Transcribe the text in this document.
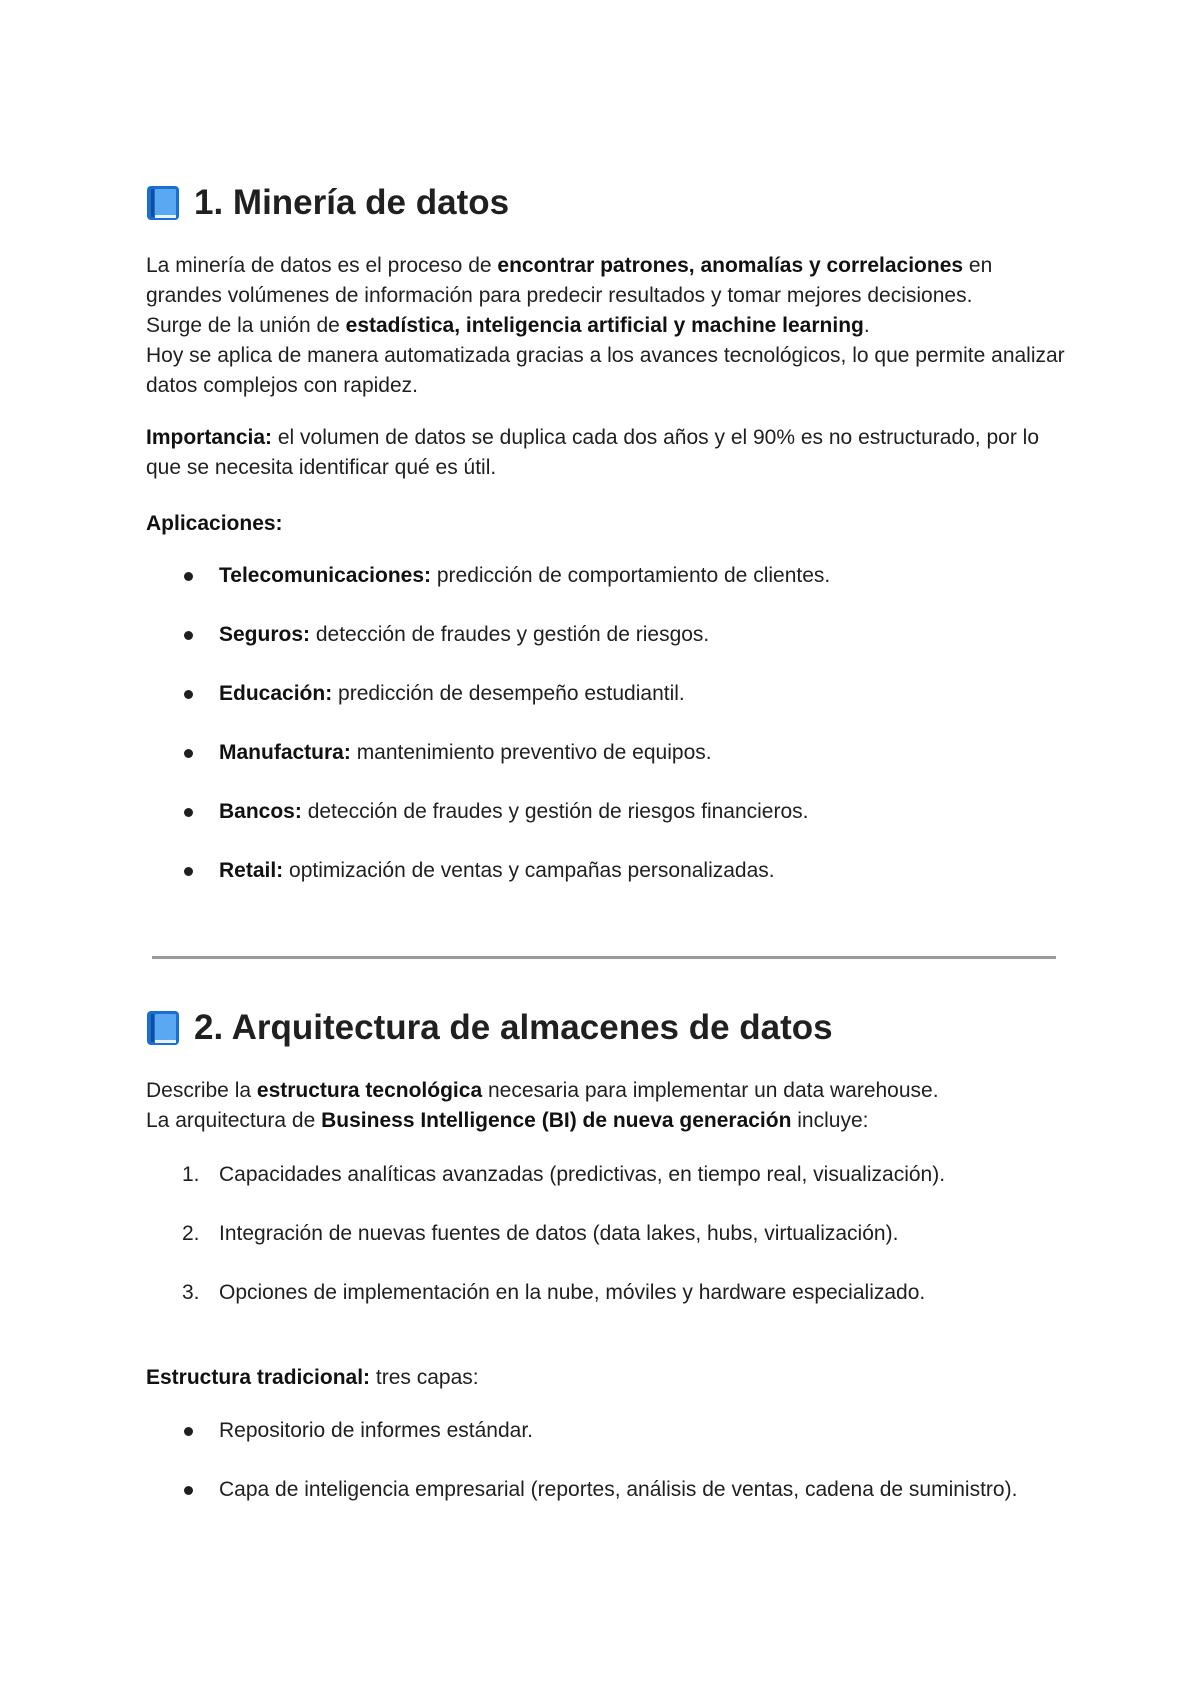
1. Minería de datos

La minería de datos es el proceso de encontrar patrones, anomalías y correlaciones en grandes volúmenes de información para predecir resultados y tomar mejores decisiones.
Surge de la unión de estadística, inteligencia artificial y machine learning.
Hoy se aplica de manera automatizada gracias a los avances tecnológicos, lo que permite analizar datos complejos con rapidez.

Importancia: el volumen de datos se duplica cada dos años y el 90% es no estructurado, por lo que se necesita identificar qué es útil.

Aplicaciones:

Telecomunicaciones: predicción de comportamiento de clientes.
Seguros: detección de fraudes y gestión de riesgos.
Educación: predicción de desempeño estudiantil.
Manufactura: mantenimiento preventivo de equipos.
Bancos: detección de fraudes y gestión de riesgos financieros.
Retail: optimización de ventas y campañas personalizadas.
2. Arquitectura de almacenes de datos

Describe la estructura tecnológica necesaria para implementar un data warehouse.
La arquitectura de Business Intelligence (BI) de nueva generación incluye:

1. Capacidades analíticas avanzadas (predictivas, en tiempo real, visualización).
2. Integración de nuevas fuentes de datos (data lakes, hubs, virtualización).
3. Opciones de implementación en la nube, móviles y hardware especializado.

Estructura tradicional: tres capas:

Repositorio de informes estándar.
Capa de inteligencia empresarial (reportes, análisis de ventas, cadena de suministro).
